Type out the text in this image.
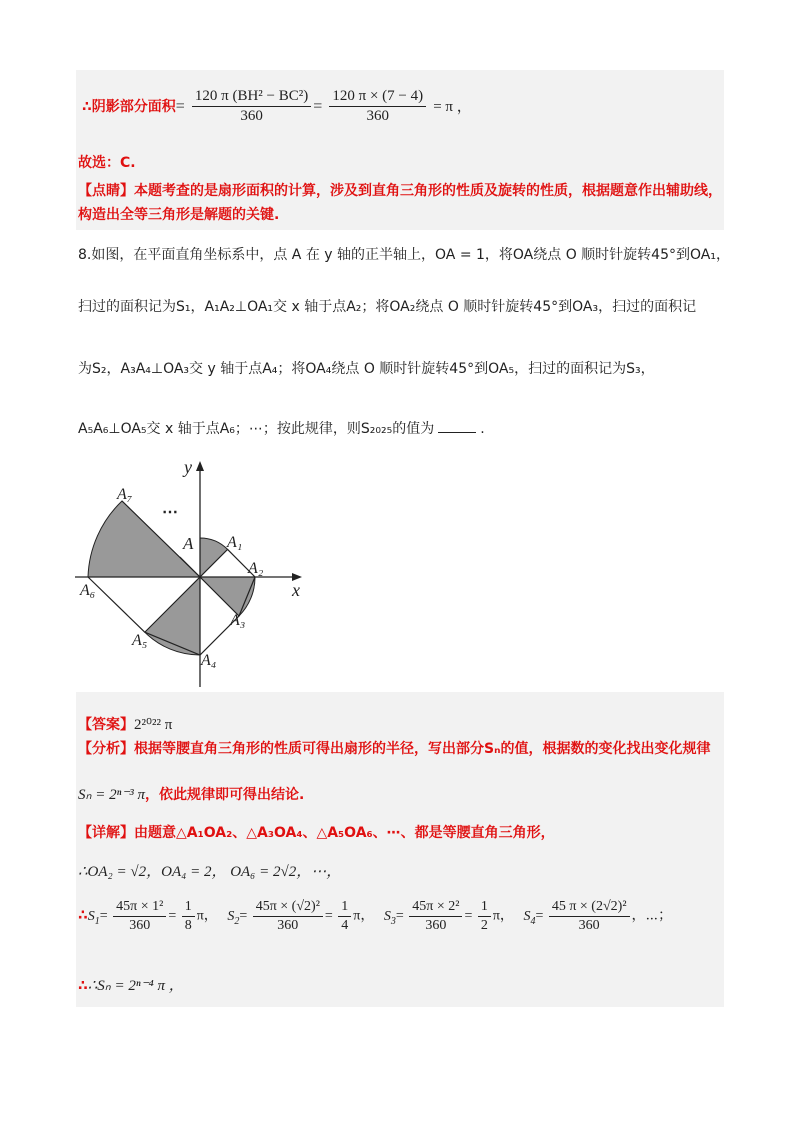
∴阴影部分面积= $\frac{\text{120 π (BH² − BC²)}}{360} = \frac{120 \pi \times (7 - 4)}{360} = \pi$ ，
故选：C.
【点睛】本题考查的是扇形面积的计算，涉及到直角三角形的性质及旋转的性质，根据题意作出辅助线，
构造出全等三角形是解题的关键.
8.如图，在平面直角坐标系中，点 A 在 y 轴的正半轴上，OA = 1，将OA绕点 O 顺时针旋转45°到OA₁，
扫过的面积记为S₁，A₁A₂⊥OA₁交 x 轴于点A₂；将OA₂绕点 O 顺时针旋转45°到OA₃，扫过的面积记
为S₂，A₃A₄⊥OA₃交 y 轴于点A₄；将OA₄绕点 O 顺时针旋转45°到OA₅，扫过的面积记为S₃，
A₅A₆⊥OA₅交 x 轴于点A₆；⋯；按此规律，则S₂₀₂₅的值为	.
y
x
A A₁
A₂
A₃
A₄
A₅
A₆
A₇
⋯
【答案】2²⁰²² π
【分析】根据等腰直角三角形的性质可得出扇形的半径，写出部分Sₙ的值，根据数的变化找出变化规律
Sₙ = 2ⁿ⁻³ π，依此规律即可得出结论.
【详解】由题意△A₁OA₂、△A₃OA₄、△A₅OA₆、⋯、都是等腰直角三角形，
∴OA₂ = √2，OA₄ = 2， OA₆ = 2√2，⋯，
$\therefore S_1= \frac{\text{45π × 1²}}{360} = \frac{1}{8}$ π， $S_2= \frac{\text{45π × (√2)²}}{360} = \frac{1}{4}$ π， $S_3= \frac{\text{45π × 2²}}{360} = \frac{1}{2}$ π， $S_4= \frac{\text{45 π × (2√2)²}}{360}$ ，⋯；
∴∴Sₙ = 2ⁿ⁻⁴ π ，
